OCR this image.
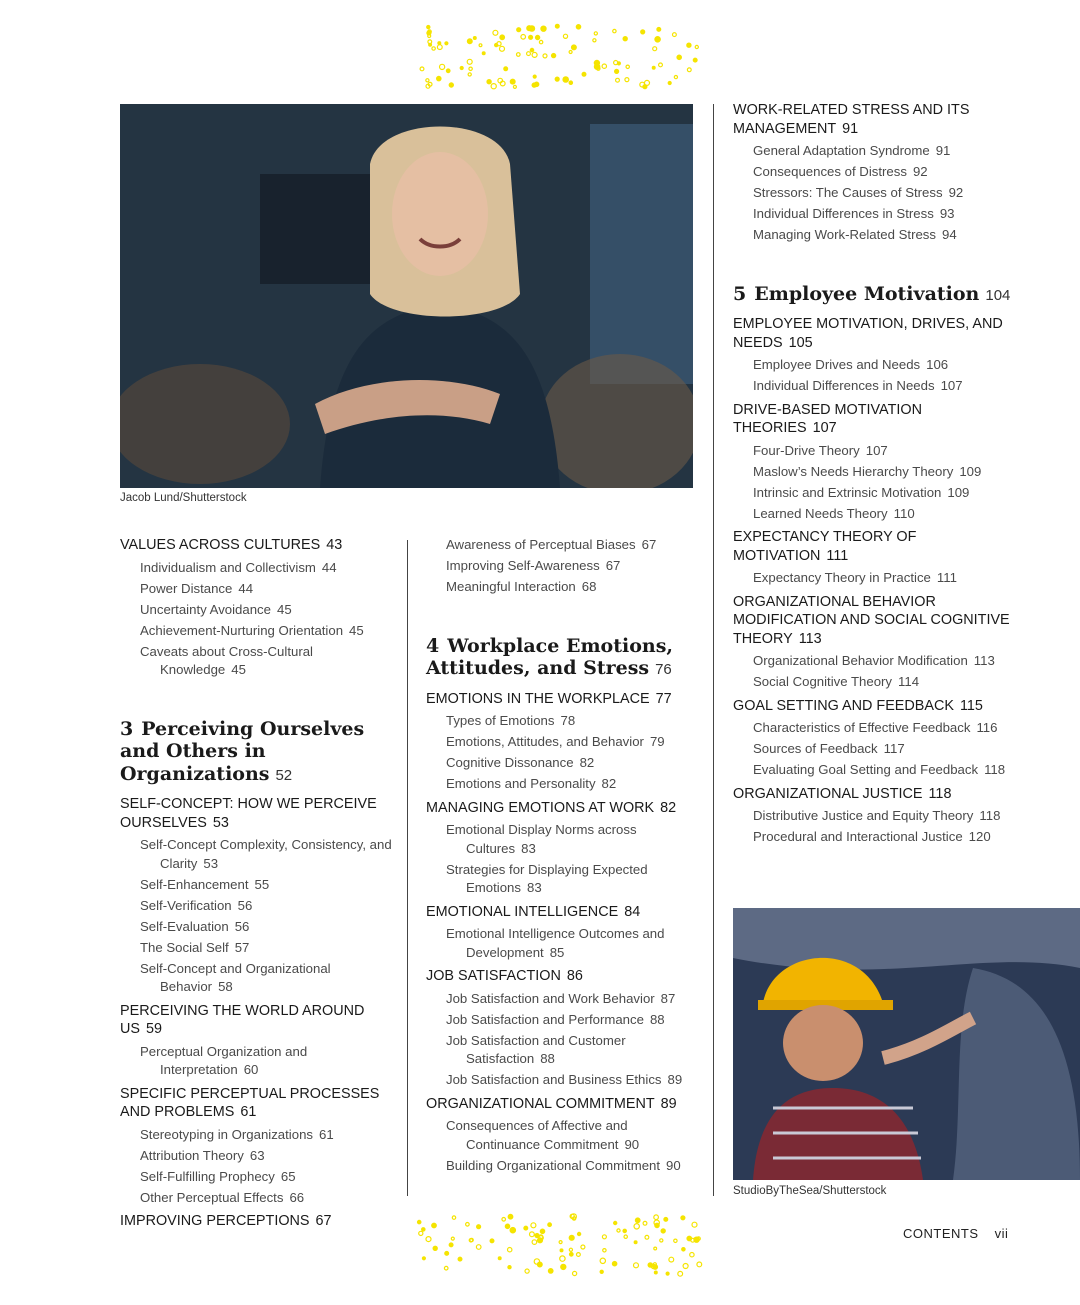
Jacob Lund/Shutterstock
StudioByTheSea/Shutterstock
VALUES ACROSS CULTURES 43
Individualism and Collectivism 44
Power Distance 44
Uncertainty Avoidance 45
Achievement-Nurturing Orientation 45
Caveats about Cross-Cultural Knowledge 45
3 Perceiving Ourselves and Others in Organizations 52
SELF-CONCEPT: HOW WE PERCEIVE OURSELVES 53
Self-Concept Complexity, Consistency, and Clarity 53
Self-Enhancement 55
Self-Verification 56
Self-Evaluation 56
The Social Self 57
Self-Concept and Organizational Behavior 58
PERCEIVING THE WORLD AROUND US 59
Perceptual Organization and Interpretation 60
SPECIFIC PERCEPTUAL PROCESSES AND PROBLEMS 61
Stereotyping in Organizations 61
Attribution Theory 63
Self-Fulfilling Prophecy 65
Other Perceptual Effects 66
IMPROVING PERCEPTIONS 67
Awareness of Perceptual Biases 67
Improving Self-Awareness 67
Meaningful Interaction 68
4 Workplace Emotions, Attitudes, and Stress 76
EMOTIONS IN THE WORKPLACE 77
Types of Emotions 78
Emotions, Attitudes, and Behavior 79
Cognitive Dissonance 82
Emotions and Personality 82
MANAGING EMOTIONS AT WORK 82
Emotional Display Norms across Cultures 83
Strategies for Displaying Expected Emotions 83
EMOTIONAL INTELLIGENCE 84
Emotional Intelligence Outcomes and Development 85
JOB SATISFACTION 86
Job Satisfaction and Work Behavior 87
Job Satisfaction and Performance 88
Job Satisfaction and Customer Satisfaction 88
Job Satisfaction and Business Ethics 89
ORGANIZATIONAL COMMITMENT 89
Consequences of Affective and Continuance Commitment 90
Building Organizational Commitment 90
WORK-RELATED STRESS AND ITS MANAGEMENT 91
General Adaptation Syndrome 91
Consequences of Distress 92
Stressors: The Causes of Stress 92
Individual Differences in Stress 93
Managing Work-Related Stress 94
5 Employee Motivation 104
EMPLOYEE MOTIVATION, DRIVES, AND NEEDS 105
Employee Drives and Needs 106
Individual Differences in Needs 107
DRIVE-BASED MOTIVATION THEORIES 107
Four-Drive Theory 107
Maslow’s Needs Hierarchy Theory 109
Intrinsic and Extrinsic Motivation 109
Learned Needs Theory 110
EXPECTANCY THEORY OF MOTIVATION 111
Expectancy Theory in Practice 111
ORGANIZATIONAL BEHAVIOR MODIFICATION AND SOCIAL COGNITIVE THEORY 113
Organizational Behavior Modification 113
Social Cognitive Theory 114
GOAL SETTING AND FEEDBACK 115
Characteristics of Effective Feedback 116
Sources of Feedback 117
Evaluating Goal Setting and Feedback 118
ORGANIZATIONAL JUSTICE 118
Distributive Justice and Equity Theory 118
Procedural and Interactional Justice 120
CONTENTS vii
